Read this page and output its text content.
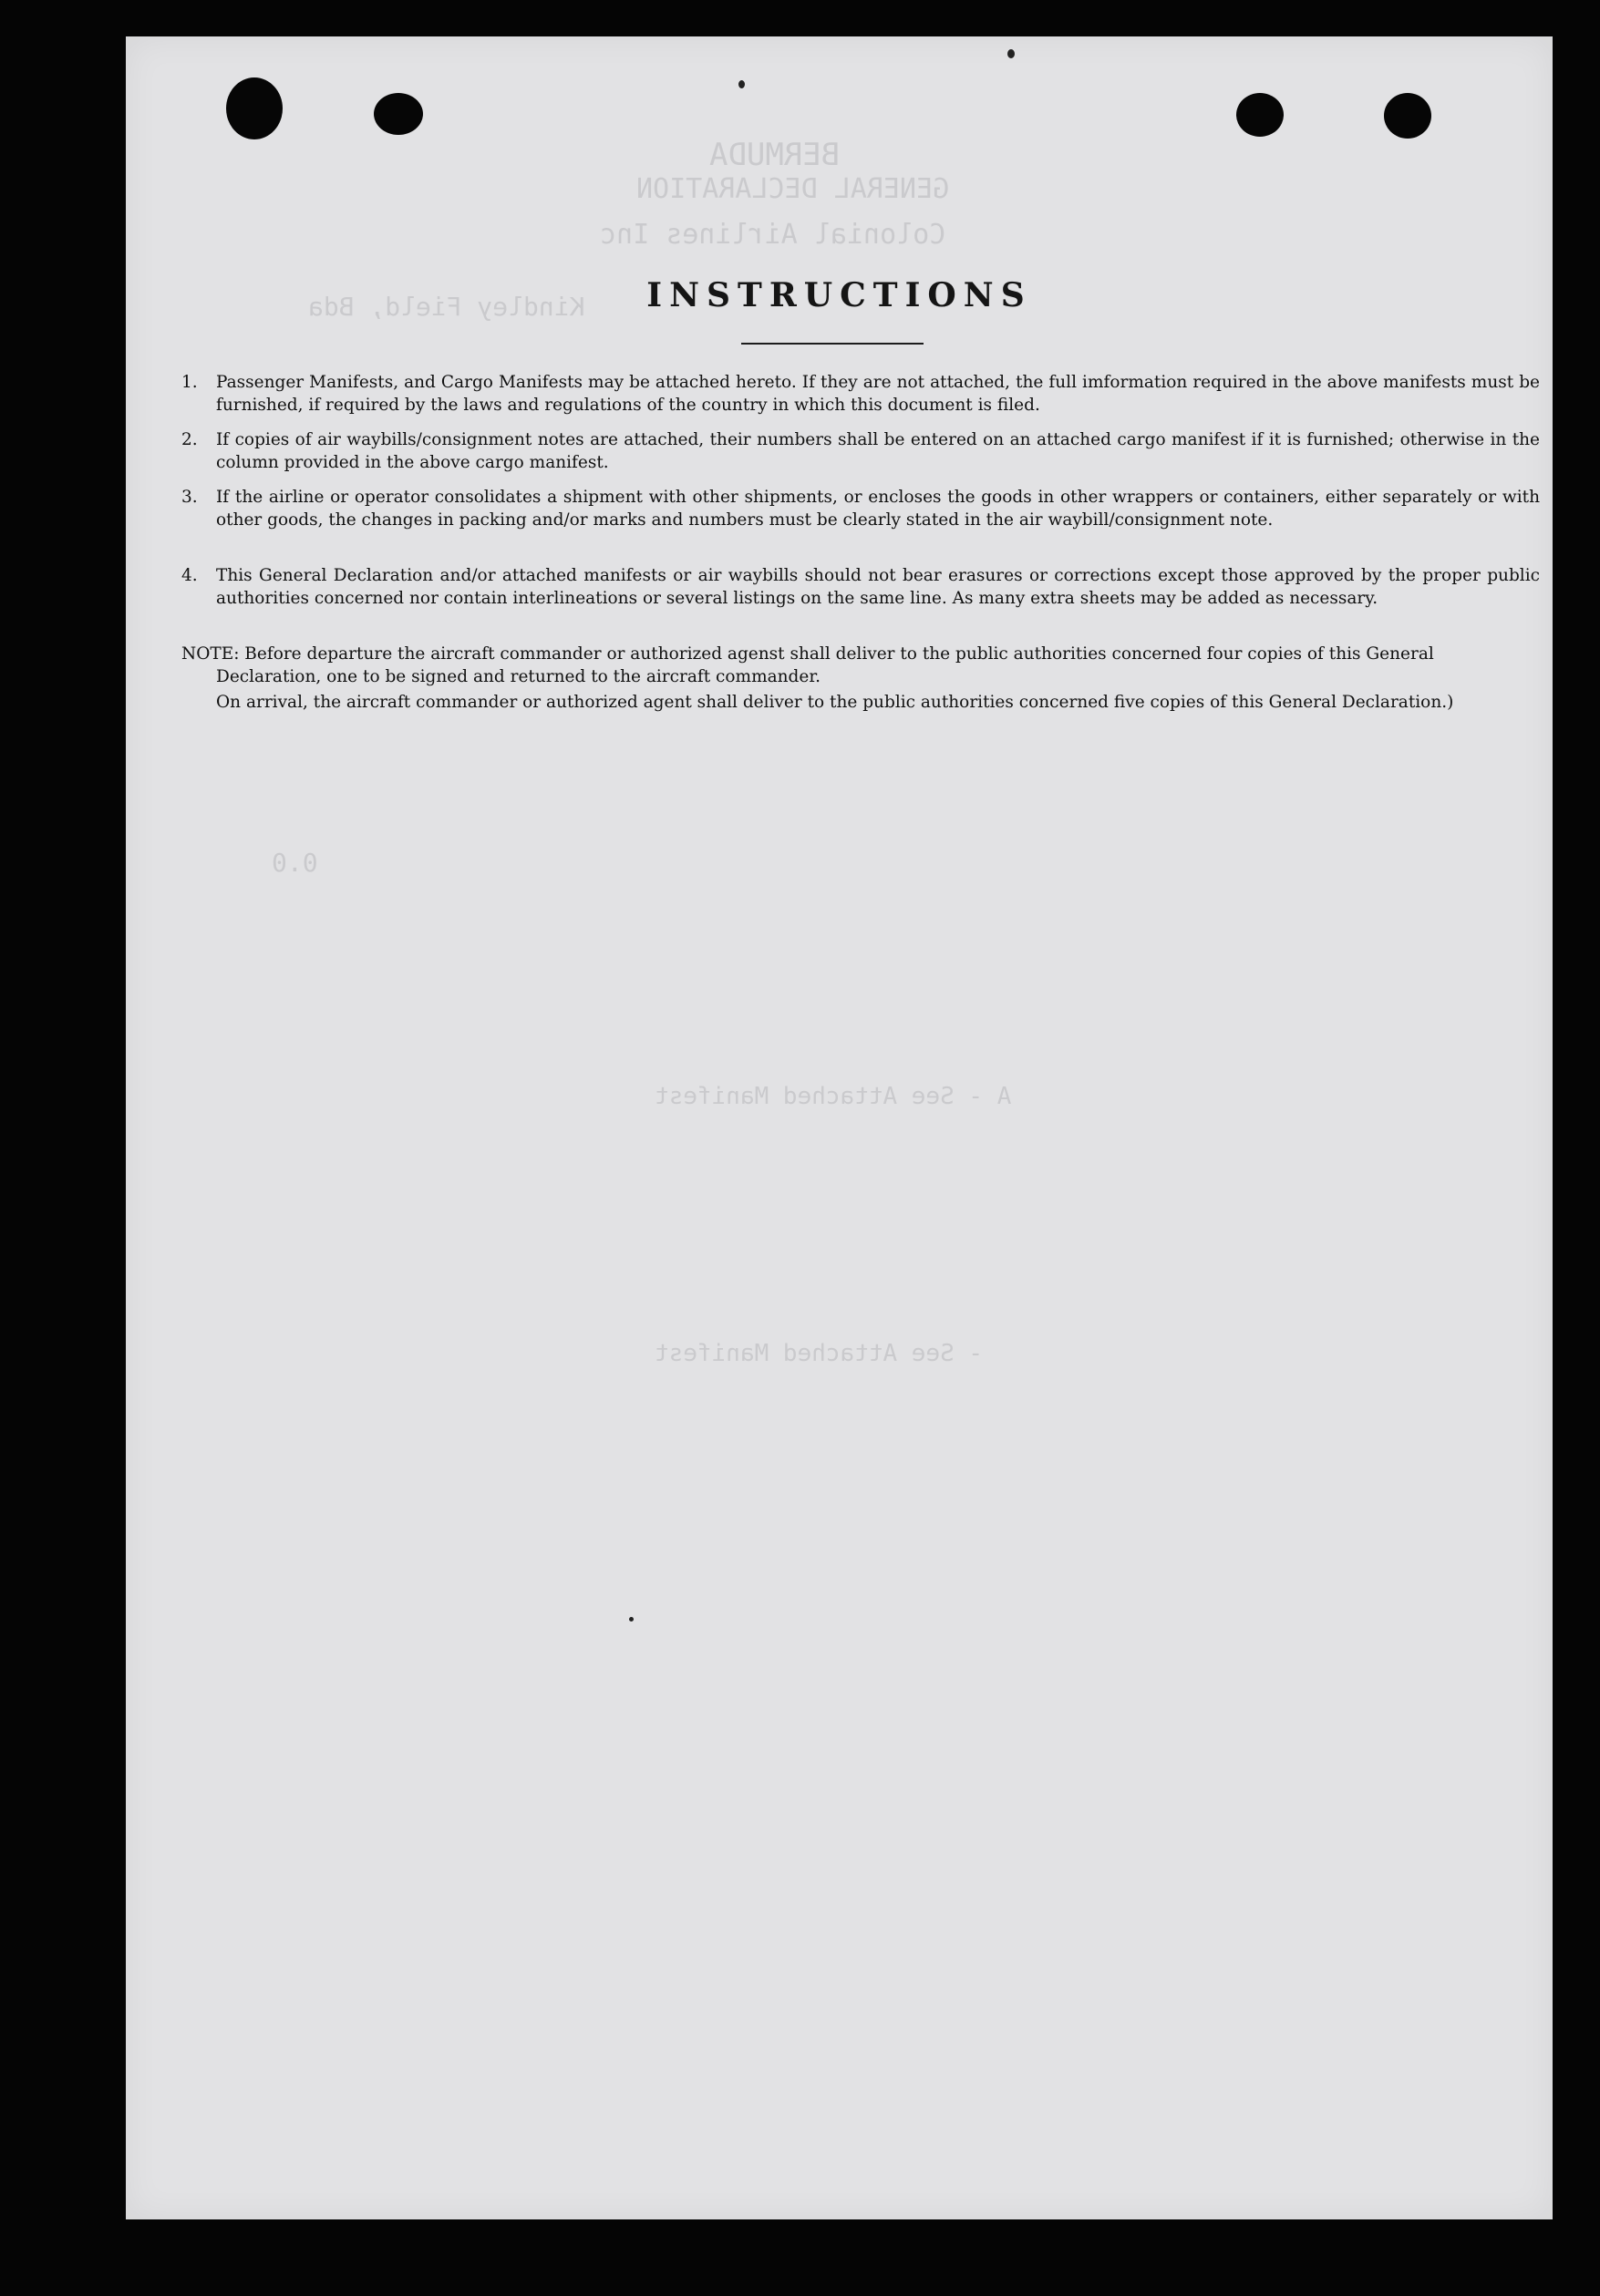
BERMUDA
GENERAL DECLARATION
Colonial Airlines Inc
Kindley Field, Bda
0.0
A - See Attached Manifest
- See Attached Manifest
INSTRUCTIONS
1. Passenger Manifests, and Cargo Manifests may be attached hereto. If they are not attached, the full imformation required in the above manifests must be furnished, if required by the laws and regulations of the country in which this document is filed.
2. If copies of air waybills/consignment notes are attached, their numbers shall be entered on an attached cargo manifest if it is furnished; otherwise in the column provided in the above cargo manifest.
3. If the airline or operator consolidates a shipment with other shipments, or encloses the goods in other wrappers or containers, either separately or with other goods, the changes in packing and/or marks and numbers must be clearly stated in the air waybill/consignment note.
4. This General Declaration and/or attached manifests or air waybills should not bear erasures or corrections except those approved by the proper public authorities concerned nor contain interlineations or several listings on the same line. As many extra sheets may be added as necessary.
NOTE: Before departure the aircraft commander or authorized agenst shall deliver to the public authorities concerned four copies of this General Declaration, one to be signed and returned to the aircraft commander.
On arrival, the aircraft commander or authorized agent shall deliver to the public authorities concerned five copies of this General Declaration.)
